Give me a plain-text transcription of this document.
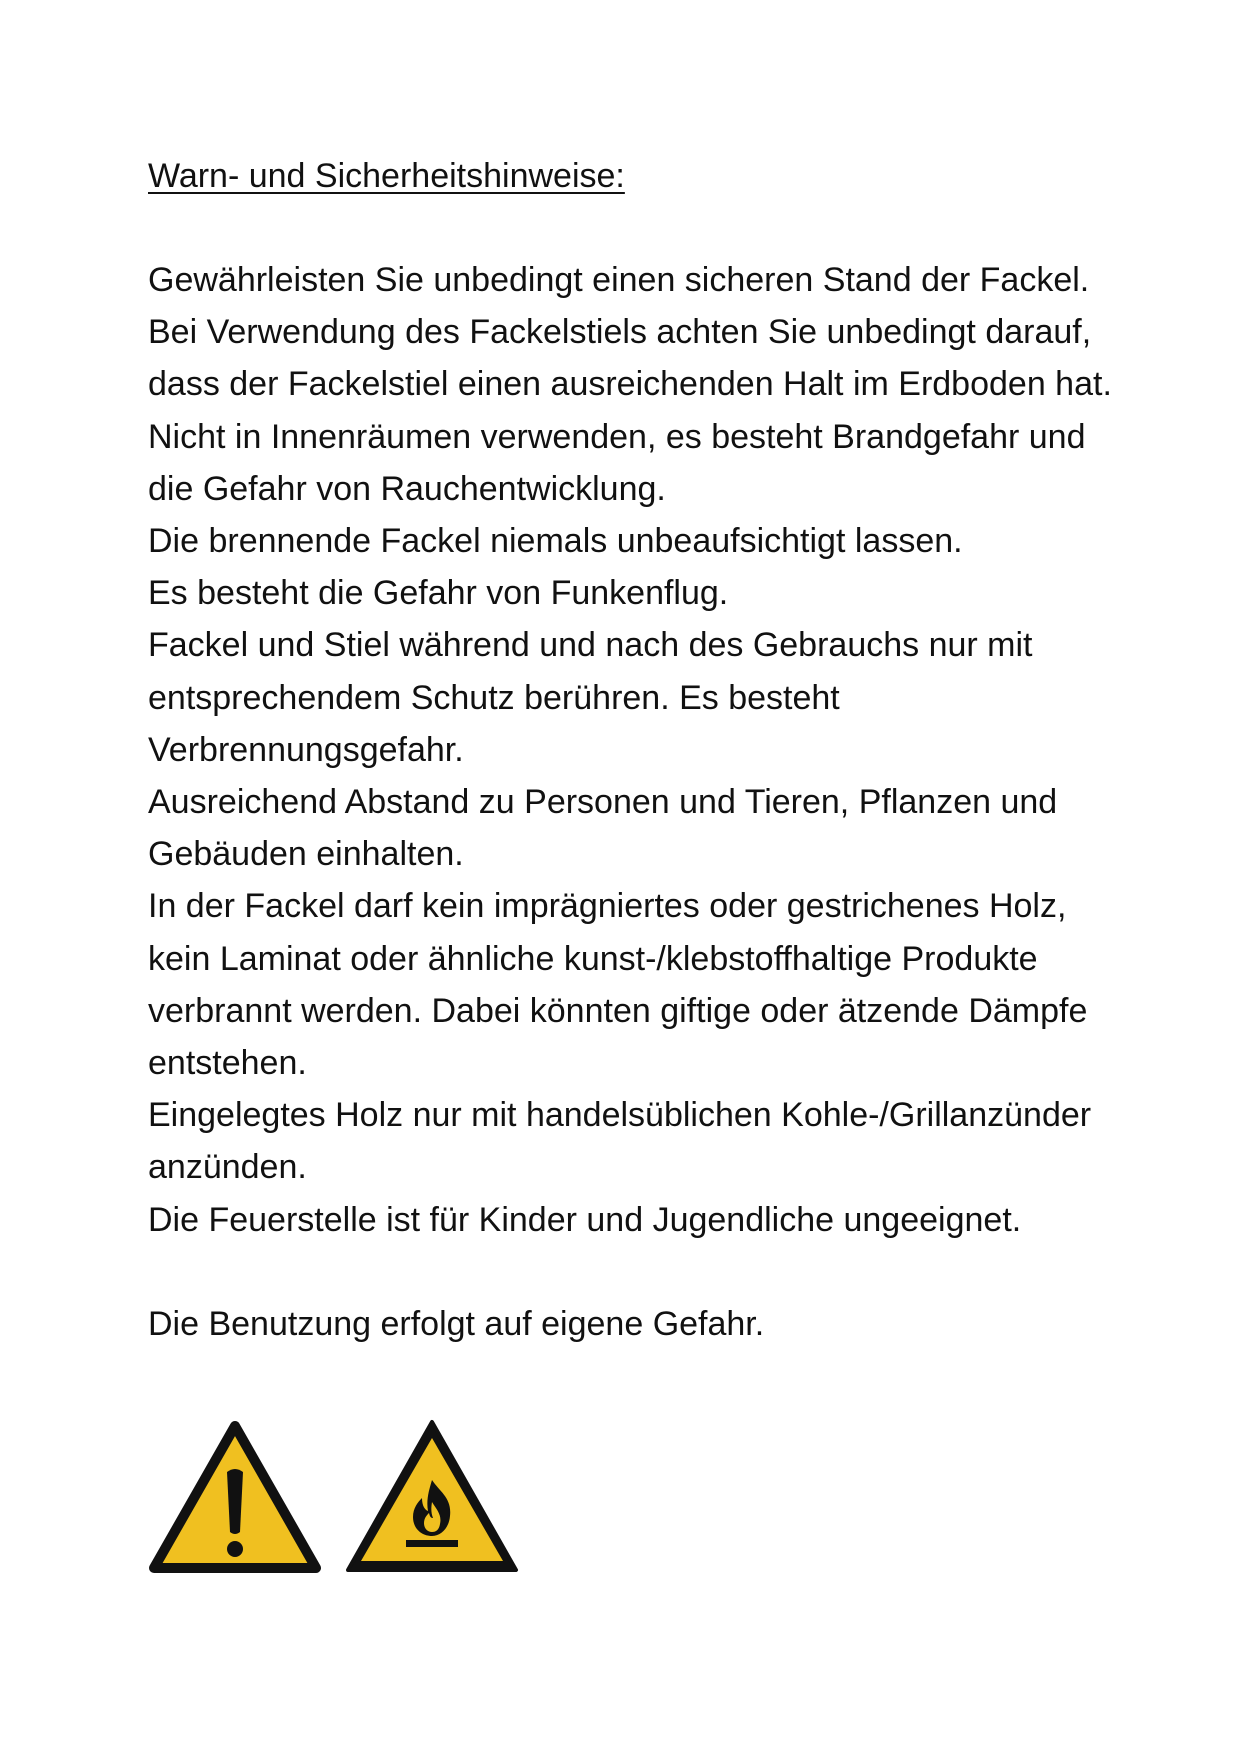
Warn- und Sicherheitshinweise:

Gewährleisten Sie unbedingt einen sicheren Stand der Fackel.

Bei Verwendung des Fackelstiels achten Sie unbedingt darauf,

dass der Fackelstiel einen ausreichenden Halt im Erdboden hat.

Nicht in Innenräumen verwenden, es besteht Brandgefahr und

die Gefahr von Rauchentwicklung.

Die brennende Fackel niemals unbeaufsichtigt lassen.

Es besteht die Gefahr von Funkenflug.

Fackel und Stiel während und nach des Gebrauchs nur mit

entsprechendem Schutz berühren. Es besteht

Verbrennungsgefahr.

Ausreichend Abstand zu Personen und Tieren, Pflanzen und

Gebäuden einhalten.

In der Fackel darf kein imprägniertes oder gestrichenes Holz,

kein Laminat oder ähnliche kunst-/klebstoffhaltige Produkte

verbrannt werden. Dabei könnten giftige oder ätzende Dämpfe

entstehen.

Eingelegtes Holz nur mit handelsüblichen Kohle-/Grillanzünder

anzünden.

Die Feuerstelle ist für Kinder und Jugendliche ungeeignet.

Die Benutzung erfolgt auf eigene Gefahr.
